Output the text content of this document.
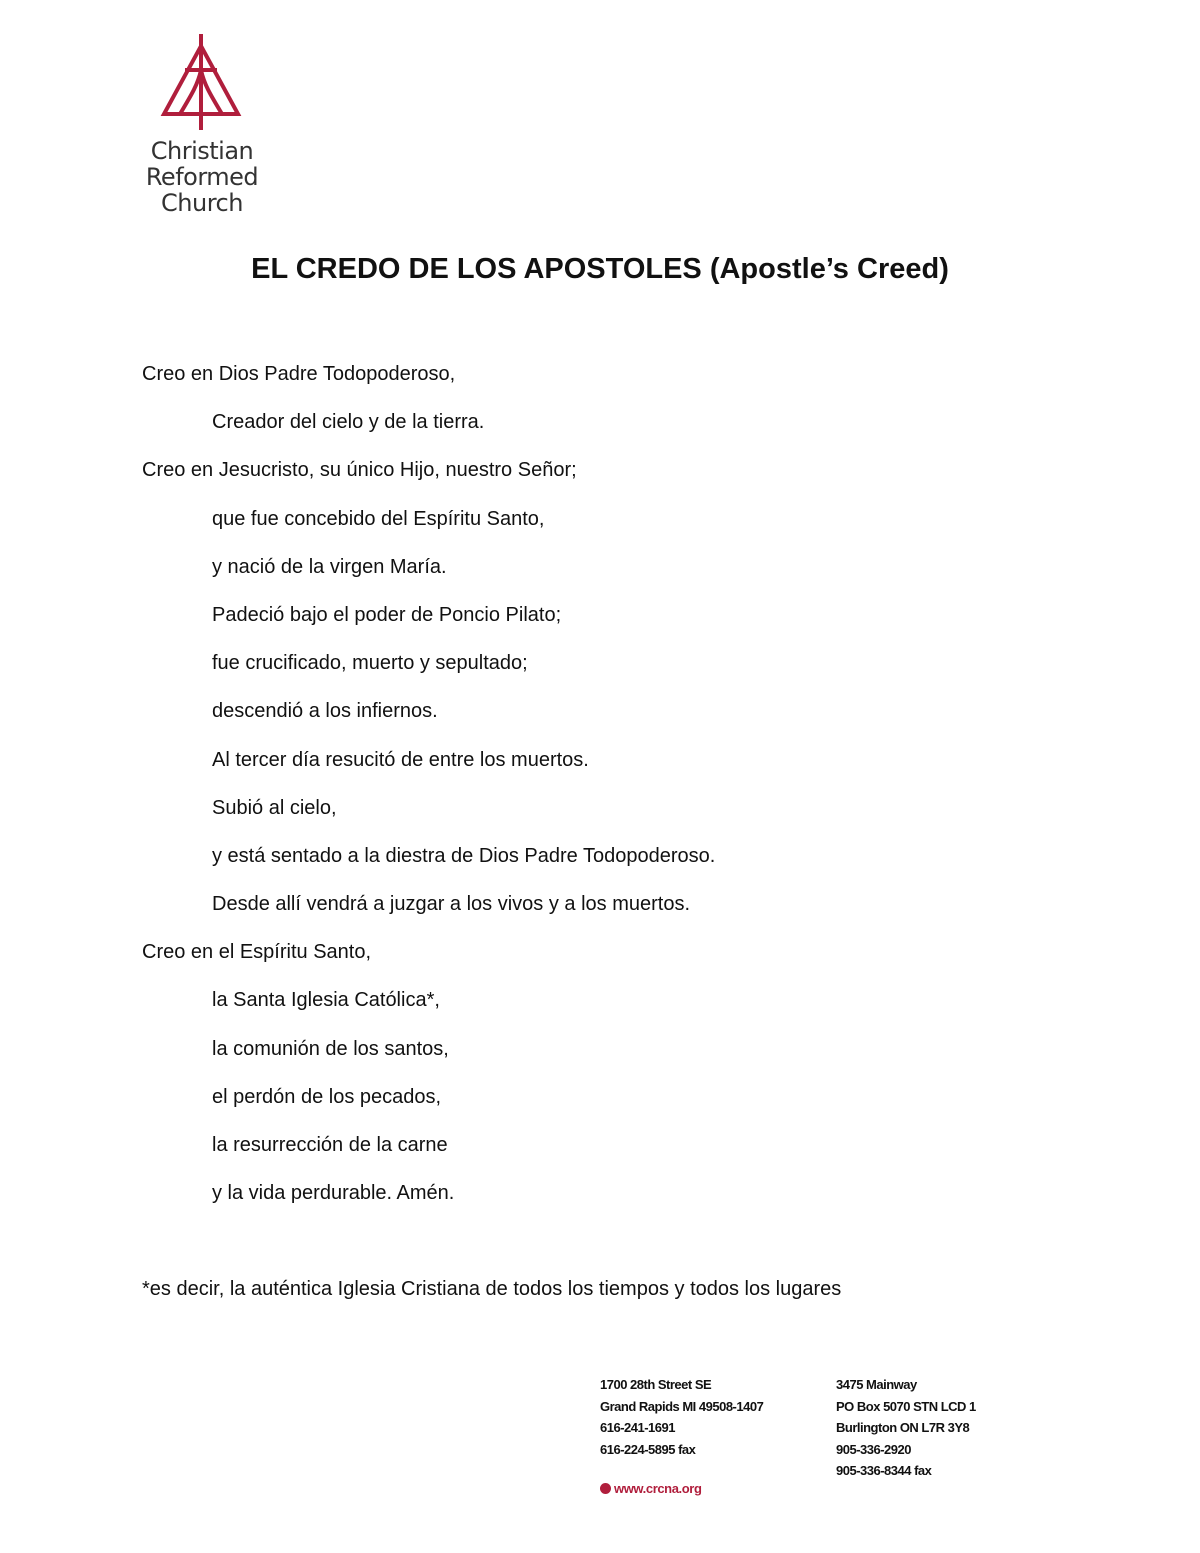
Christian
Reformed
Church
EL CREDO DE LOS APOSTOLES (Apostle’s Creed)
Creo en Dios Padre Todopoderoso,
Creador del cielo y de la tierra.
Creo en Jesucristo, su único Hijo, nuestro Señor;
que fue concebido del Espíritu Santo,
y nació de la virgen María.
Padeció bajo el poder de Poncio Pilato;
fue crucificado, muerto y sepultado;
descendió a los infiernos.
Al tercer día resucitó de entre los muertos.
Subió al cielo,
y está sentado a la diestra de Dios Padre Todopoderoso.
Desde allí vendrá a juzgar a los vivos y a los muertos.
Creo en el Espíritu Santo,
la Santa Iglesia Católica*,
la comunión de los santos,
el perdón de los pecados,
la resurrección de la carne
y la vida perdurable. Amén.
*es decir, la auténtica Iglesia Cristiana de todos los tiempos y todos los lugares
1700 28th Street SE
Grand Rapids MI 49508-1407
616-241-1691
616-224-5895 fax
3475 Mainway
PO Box 5070 STN LCD 1
Burlington ON L7R 3Y8
905-336-2920
905-336-8344 fax
www.crcna.org
